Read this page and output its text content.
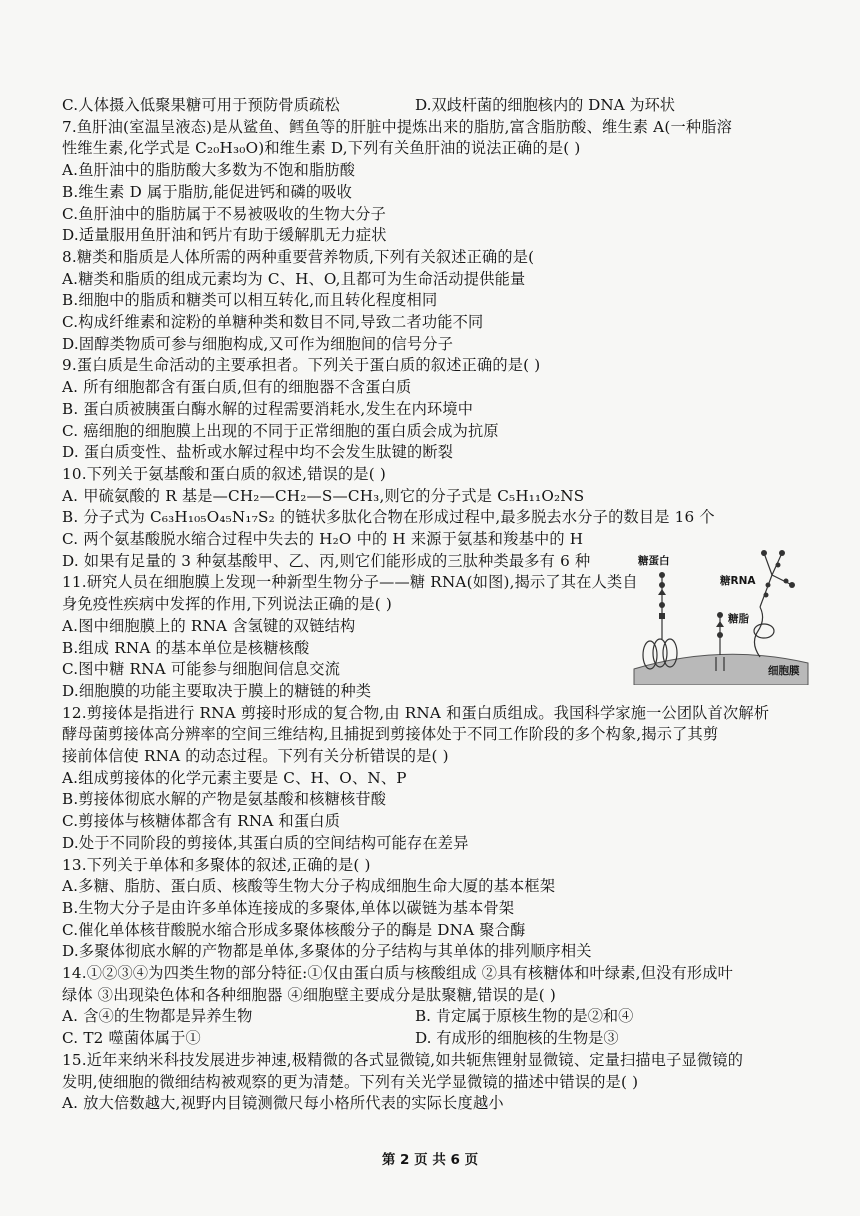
C.人体摄入低聚果糖可用于预防骨质疏松	D.双歧杆菌的细胞核内的 DNA 为环状
7.鱼肝油(室温呈液态)是从鲨鱼、鳕鱼等的肝脏中提炼出来的脂肪,富含脂肪酸、维生素 A(一种脂溶
性维生素,化学式是 C₂₀H₃₀O)和维生素 D,下列有关鱼肝油的说法正确的是( )
A.鱼肝油中的脂肪酸大多数为不饱和脂肪酸
B.维生素 D 属于脂肪,能促进钙和磷的吸收
C.鱼肝油中的脂肪属于不易被吸收的生物大分子
D.适量服用鱼肝油和钙片有助于缓解肌无力症状
8.糖类和脂质是人体所需的两种重要营养物质,下列有关叙述正确的是(
A.糖类和脂质的组成元素均为 C、H、O,且都可为生命活动提供能量
B.细胞中的脂质和糖类可以相互转化,而且转化程度相同
C.构成纤维素和淀粉的单糖种类和数目不同,导致二者功能不同
D.固醇类物质可参与细胞构成,又可作为细胞间的信号分子
9.蛋白质是生命活动的主要承担者。下列关于蛋白质的叙述正确的是( )
A. 所有细胞都含有蛋白质,但有的细胞器不含蛋白质
B. 蛋白质被胰蛋白酶水解的过程需要消耗水,发生在内环境中
C. 癌细胞的细胞膜上出现的不同于正常细胞的蛋白质会成为抗原
D. 蛋白质变性、盐析或水解过程中均不会发生肽键的断裂
10.下列关于氨基酸和蛋白质的叙述,错误的是( )
A. 甲硫氨酸的 R 基是—CH₂—CH₂—S—CH₃,则它的分子式是 C₅H₁₁O₂NS
B. 分子式为 C₆₃H₁₀₅O₄₅N₁₇S₂ 的链状多肽化合物在形成过程中,最多脱去水分子的数目是 16 个
C. 两个氨基酸脱水缩合过程中失去的 H₂O 中的 H 来源于氨基和羧基中的 H
D. 如果有足量的 3 种氨基酸甲、乙、丙,则它们能形成的三肽种类最多有 6 种
11.研究人员在细胞膜上发现一种新型生物分子——糖 RNA(如图),揭示了其在人类自
身免疫性疾病中发挥的作用,下列说法正确的是( )
A.图中细胞膜上的 RNA 含氢键的双链结构
B.组成 RNA 的基本单位是核糖核酸
C.图中糖 RNA 可能参与细胞间信息交流
D.细胞膜的功能主要取决于膜上的糖链的种类
12.剪接体是指进行 RNA 剪接时形成的复合物,由 RNA 和蛋白质组成。我国科学家施一公团队首次解析
酵母菌剪接体高分辨率的空间三维结构,且捕捉到剪接体处于不同工作阶段的多个构象,揭示了其剪
接前体信使 RNA 的动态过程。下列有关分析错误的是( )
A.组成剪接体的化学元素主要是 C、H、O、N、P
B.剪接体彻底水解的产物是氨基酸和核糖核苷酸
C.剪接体与核糖体都含有 RNA 和蛋白质
D.处于不同阶段的剪接体,其蛋白质的空间结构可能存在差异
13.下列关于单体和多聚体的叙述,正确的是( )
A.多糖、脂肪、蛋白质、核酸等生物大分子构成细胞生命大厦的基本框架
B.生物大分子是由许多单体连接成的多聚体,单体以碳链为基本骨架
C.催化单体核苷酸脱水缩合形成多聚体核酸分子的酶是 DNA 聚合酶
D.多聚体彻底水解的产物都是单体,多聚体的分子结构与其单体的排列顺序相关
14.①②③④为四类生物的部分特征:①仅由蛋白质与核酸组成 ②具有核糖体和叶绿素,但没有形成叶
绿体 ③出现染色体和各种细胞器 ④细胞壁主要成分是肽聚糖,错误的是( )
A. 含④的生物都是异养生物	B. 肯定属于原核生物的是②和④
C. T2 噬菌体属于①	D. 有成形的细胞核的生物是③
15.近年来纳米科技发展进步神速,极精微的各式显微镜,如共轭焦锂射显微镜、定量扫描电子显微镜的
发明,使细胞的微细结构被观察的更为清楚。下列有关光学显微镜的描述中错误的是( )
A. 放大倍数越大,视野内目镜测微尺每小格所代表的实际长度越小
糖蛋白
糖RNA
糖脂
细胞膜
第 2 页 共 6 页
